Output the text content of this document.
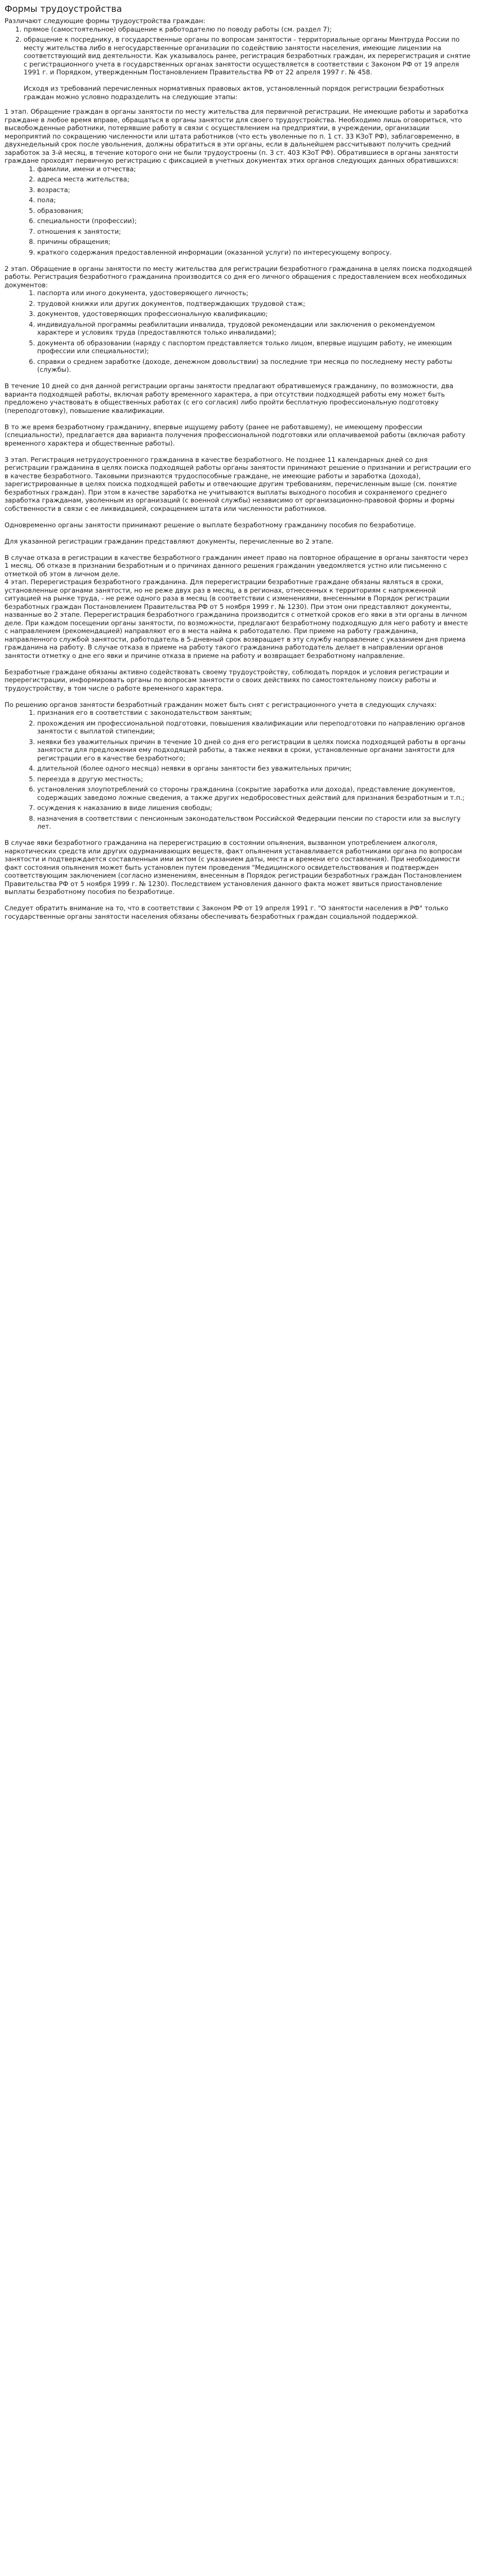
Формы трудоустройства

Различают следующие формы трудоустройства граждан:

1. прямое (самостоятельное) обращение к работодателю по поводу работы (см. раздел 7);
2. обращение к посреднику, в государственные органы по вопросам занятости - территориальные органы Минтруда России по месту жительства либо в негосударственные организации по содействию занятости населения, имеющие лицензии на соответствующий вид деятельности. Как указывалось ранее, регистрация безработных граждан, их перерегистрация и снятие с регистрационного учета в государственных органах занятости осуществляется в соответствии с Законом РФ от 19 апреля 1991 г. и Порядком, утвержденным Постановлением Правительства РФ от 22 апреля 1997 г. № 458.
Исходя из требований перечисленных нормативных правовых актов, установленный порядок регистрации безработных граждан можно условно подразделить на следующие этапы:

1 этап. Обращение граждан в органы занятости по месту жительства для первичной регистрации. Не имеющие работы и заработка граждане в любое время вправе, обращаться в органы занятости для своего трудоустройства. Необходимо лишь оговориться, что высвобожденные работники, потерявшие работу в связи с осуществлением на предприятии, в учреждении, организации мероприятий по сокращению численности или штата работников (что есть уволенные по п. 1 ст. 33 КЗоТ РФ), заблаговременно, в двухнедельный срок после увольнения, должны обратиться в эти органы, если в дальнейшем рассчитывают получить средний заработок за 3-й месяц, в течение которого они не были трудоустроены (п. 3 ст. 403 КЗоТ РФ). Обратившиеся в органы занятости граждане проходят первичную регистрацию с фиксацией в учетных документах этих органов следующих данных обратившихся:

1. фамилии, имени и отчества;
2. адреса места жительства;
3. возраста;
4. пола;
5. образования;
6. специальности (профессии);
7. отношения к занятости;
8. причины обращения;
9. краткого содержания предоставленной информации (оказанной услуги) по интересующему вопросу.

2 этап. Обращение в органы занятости по месту жительства для регистрации безработного гражданина в целях поиска подходящей работы. Регистрация безработного гражданина производится со дня его личного обращения с предоставлением всех необходимых документов:

1. паспорта или иного документа, удостоверяющего личность;
2. трудовой книжки или других документов, подтверждающих трудовой стаж;
3. документов, удостоверяющих профессиональную квалификацию;
4. индивидуальной программы реабилитации инвалида, трудовой рекомендации или заключения о рекомендуемом характере и условиях труда (предоставляются только инвалидами);
5. документа об образовании (наряду с паспортом представляется только лицом, впервые ищущим работу, не имеющим профессии или специальности);
6. справки о среднем заработке (доходе, денежном довольствии) за последние три месяца по последнему месту работы (службы).

В течение 10 дней со дня данной регистрации органы занятости предлагают обратившемуся гражданину, по возможности, два варианта подходящей работы, включая работу временного характера, а при отсутствии подходящей работы ему может быть предложено участвовать в общественных работах (с его согласия) либо пройти бесплатную профессиональную подготовку (переподготовку), повышение квалификации.

В то же время безработному гражданину, впервые ищущему работу (ранее не работавшему), не имеющему профессии (специальности), предлагается два варианта получения профессиональной подготовки или оплачиваемой работы (включая работу временного характера и общественные работы).

3 этап. Регистрация нетрудоустроенного гражданина в качестве безработного. Не позднее 11 календарных дней со дня регистрации гражданина в целях поиска подходящей работы органы занятости принимают решение о признании и регистрации его в качестве безработного. Таковыми признаются трудоспособные граждане, не имеющие работы и заработка (дохода), зарегистрированные в целях поиска подходящей работы и отвечающие другим требованиям, перечисленным выше (см. понятие безработных граждан). При этом в качестве заработка не учитываются выплаты выходного пособия и сохраняемого среднего заработка гражданам, уволенным из организаций (с военной службы) независимо от организационно-правовой формы и формы собственности в связи с ее ликвидацией, сокращением штата или численности работников.

Одновременно органы занятости принимают решение о выплате безработному гражданину пособия по безработице.

Для указанной регистрации гражданин представляют документы, перечисленные во 2 этапе.

В случае отказа в регистрации в качестве безработного гражданин имеет право на повторное обращение в органы занятости через 1 месяц. Об отказе в признании безработным и о причинах данного решения гражданин уведомляется устно или письменно с отметкой об этом в личном деле.

4 этап. Перерегистрация безработного гражданина. Для перерегистрации безработные граждане обязаны являться в сроки, установленные органами занятости, но не реже двух раз в месяц, а в регионах, отнесенных к территориям с напряженной ситуацией на рынке труда, - не реже одного раза в месяц (в соответствии с изменениями, внесенными в Порядок регистрации безработных граждан Постановлением Правительства РФ от 5 ноября 1999 г. № 1230). При этом они представляют документы, названные во 2 этапе. Перерегистрация безработного гражданина производится с отметкой сроков его явки в эти органы в личном деле. При каждом посещении органы занятости, по возможности, предлагают безработному подходящую для него работу и вместе с направлением (рекомендацией) направляют его в места найма к работодателю. При приеме на работу гражданина, направленного службой занятости, работодатель в 5-дневный срок возвращает в эту службу направление с указанием дня приема гражданина на работу. В случае отказа в приеме на работу такого гражданина работодатель делает в направлении органов занятости отметку о дне его явки и причине отказа в приеме на работу и возвращает безработному направление.

Безработные граждане обязаны активно содействовать своему трудоустройству, соблюдать порядок и условия регистрации и перерегистрации, информировать органы по вопросам занятости о своих действиях по самостоятельному поиску работы и трудоустройству, в том числе о работе временного характера.

По решению органов занятости безработный гражданин может быть снят с регистрационного учета в следующих случаях:

1. признания его в соответствии с законодательством занятым;
2. прохождения им профессиональной подготовки, повышения квалификации или переподготовки по направлению органов занятости с выплатой стипендии;
3. неявки без уважительных причин в течение 10 дней со дня его регистрации в целях поиска подходящей работы в органы занятости для предложения ему подходящей работы, а также неявки в сроки, установленные органами занятости для регистрации его в качестве безработного;
4. длительной (более одного месяца) неявки в органы занятости без уважительных причин;
5. переезда в другую местность;
6. установления злоупотреблений со стороны гражданина (сокрытие заработка или дохода), представление документов, содержащих заведомо ложные сведения, а также других недобросовестных действий для признания безработным и т.п.;
7. осуждения к наказанию в виде лишения свободы;
8. назначения в соответствии с пенсионным законодательством Российской Федерации пенсии по старости или за выслугу лет.

В случае явки безработного гражданина на перерегистрацию в состоянии опьянения, вызванном употреблением алкоголя, наркотических средств или других одурманивающих веществ, факт опьянения устанавливается работниками органа по вопросам занятости и подтверждается составленным ими актом (с указанием даты, места и времени его составления). При необходимости факт состояния опьянения может быть установлен путем проведения "Медицинского освидетельствования и подтвержден соответствующим заключением (согласно изменениям, внесенным в Порядок регистрации безработных граждан Постановлением Правительства РФ от 5 ноября 1999 г. № 1230). Последствием установления данного факта может явиться приостановление выплаты безработному пособия по безработице.

Следует обратить внимание на то, что в соответствии с Законом РФ от 19 апреля 1991 г. "О занятости населения в РФ" только государственные органы занятости населения обязаны обеспечивать безработных граждан социальной поддержкой.
